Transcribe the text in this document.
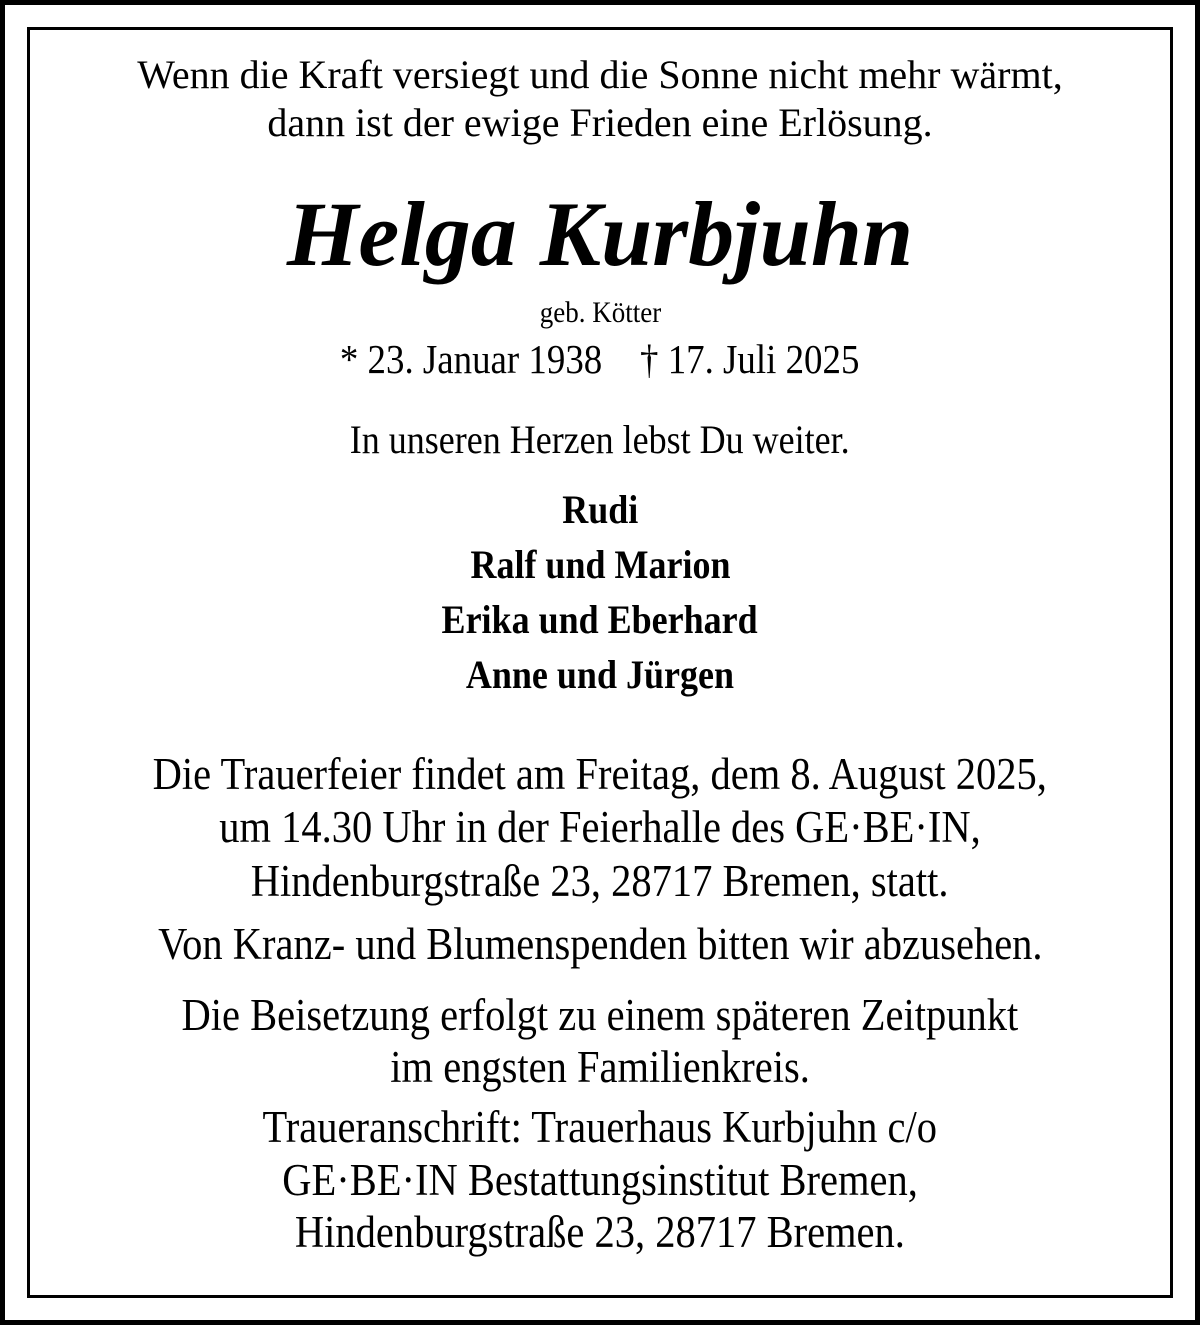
Wenn die Kraft versiegt und die Sonne nicht mehr wärmt,
dann ist der ewige Frieden eine Erlösung.
Helga Kurbjuhn
geb. Kötter
* 23. Januar 1938 † 17. Juli 2025
In unseren Herzen lebst Du weiter.
Rudi
Ralf und Marion
Erika und Eberhard
Anne und Jürgen
Die Trauerfeier findet am Freitag, dem 8. August 2025,
um 14.30 Uhr in der Feierhalle des GE·BE·IN,
Hindenburgstraße 23, 28717 Bremen, statt.
Von Kranz- und Blumenspenden bitten wir abzusehen.
Die Beisetzung erfolgt zu einem späteren Zeitpunkt
im engsten Familienkreis.
Traueranschrift: Trauerhaus Kurbjuhn c/o
GE·BE·IN Bestattungsinstitut Bremen,
Hindenburgstraße 23, 28717 Bremen.
